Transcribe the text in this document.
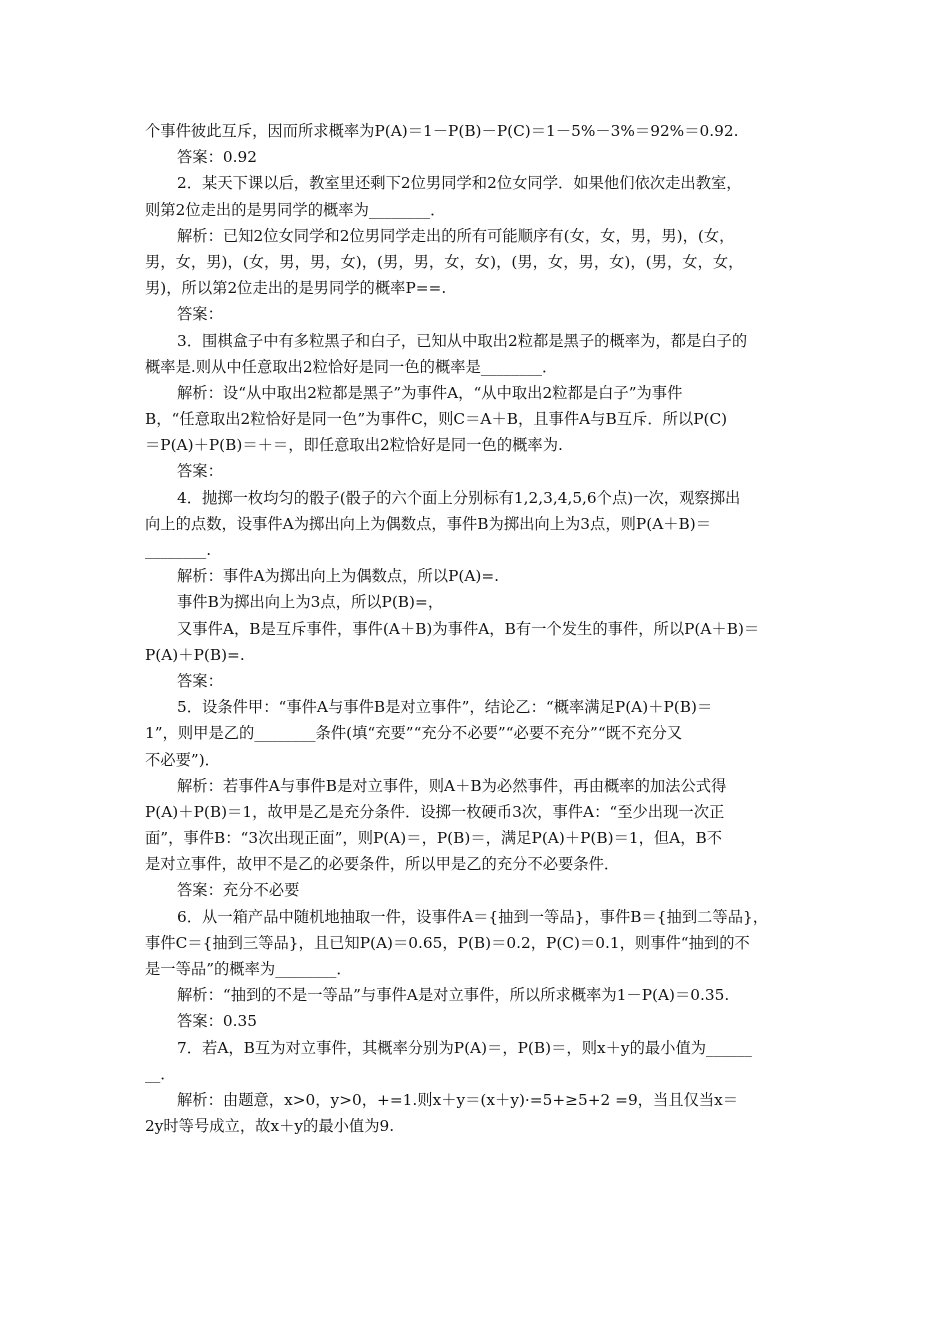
个事件彼此互斥，因而所求概率为P(A)＝1－P(B)－P(C)＝1－5%－3%＝92%＝0.92.
答案：0.92
2．某天下课以后，教室里还剩下2位男同学和2位女同学．如果他们依次走出教室，
则第2位走出的是男同学的概率为________．
解析：已知2位女同学和2位男同学走出的所有可能顺序有(女，女，男，男)，(女，
男，女，男)，(女，男，男，女)，(男，男，女，女)，(男，女，男，女)，(男，女，女，
男)，所以第2位走出的是男同学的概率P==.
答案：
3．围棋盒子中有多粒黑子和白子，已知从中取出2粒都是黑子的概率为，都是白子的
概率是.则从中任意取出2粒恰好是同一色的概率是________．
解析：设“从中取出2粒都是黑子”为事件A，“从中取出2粒都是白子”为事件
B，“任意取出2粒恰好是同一色”为事件C，则C＝A＋B，且事件A与B互斥．所以P(C)
＝P(A)＋P(B)＝＋＝，即任意取出2粒恰好是同一色的概率为.
答案：
4．抛掷一枚均匀的骰子(骰子的六个面上分别标有1,2,3,4,5,6个点)一次，观察掷出
向上的点数，设事件A为掷出向上为偶数点，事件B为掷出向上为3点，则P(A＋B)＝
________.
解析：事件A为掷出向上为偶数点，所以P(A)=.
事件B为掷出向上为3点，所以P(B)=，
又事件A，B是互斥事件，事件(A＋B)为事件A，B有一个发生的事件，所以P(A＋B)＝
P(A)＋P(B)=.
答案：
5．设条件甲：“事件A与事件B是对立事件”，结论乙：“概率满足P(A)＋P(B)＝
1”，则甲是乙的________条件(填“充要”“充分不必要”“必要不充分”“既不充分又
不必要”)．
解析：若事件A与事件B是对立事件，则A＋B为必然事件，再由概率的加法公式得
P(A)＋P(B)＝1，故甲是乙是充分条件．设掷一枚硬币3次，事件A：“至少出现一次正
面”，事件B：“3次出现正面”，则P(A)＝，P(B)＝，满足P(A)＋P(B)＝1，但A，B不
是对立事件，故甲不是乙的必要条件，所以甲是乙的充分不必要条件．
答案：充分不必要
6．从一箱产品中随机地抽取一件，设事件A＝{抽到一等品}，事件B＝{抽到二等品}，
事件C＝{抽到三等品}，且已知P(A)＝0.65，P(B)＝0.2，P(C)＝0.1，则事件“抽到的不
是一等品”的概率为________．
解析：“抽到的不是一等品”与事件A是对立事件，所以所求概率为1－P(A)＝0.35.
答案：0.35
7．若A，B互为对立事件，其概率分别为P(A)＝，P(B)＝，则x＋y的最小值为______
__．
解析：由题意，x>0，y>0，+=1.则x＋y＝(x＋y)·=5+≥5+2 =9，当且仅当x＝
2y时等号成立，故x＋y的最小值为9.
